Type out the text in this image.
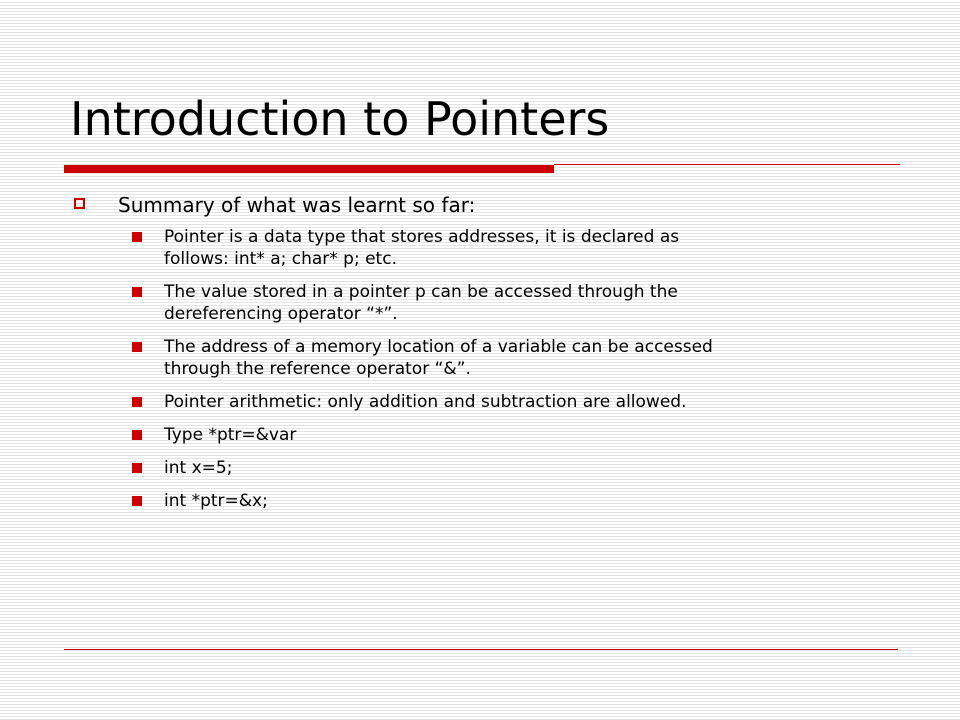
Introduction to Pointers
Summary of what was learnt so far:
Pointer is a data type that stores addresses, it is declared as
follows: int* a; char* p; etc.
The value stored in a pointer p can be accessed through the
dereferencing operator “*”.
The address of a memory location of a variable can be accessed
through the reference operator “&”.
Pointer arithmetic: only addition and subtraction are allowed.
Type *ptr=&var
int x=5;
int *ptr=&x;
